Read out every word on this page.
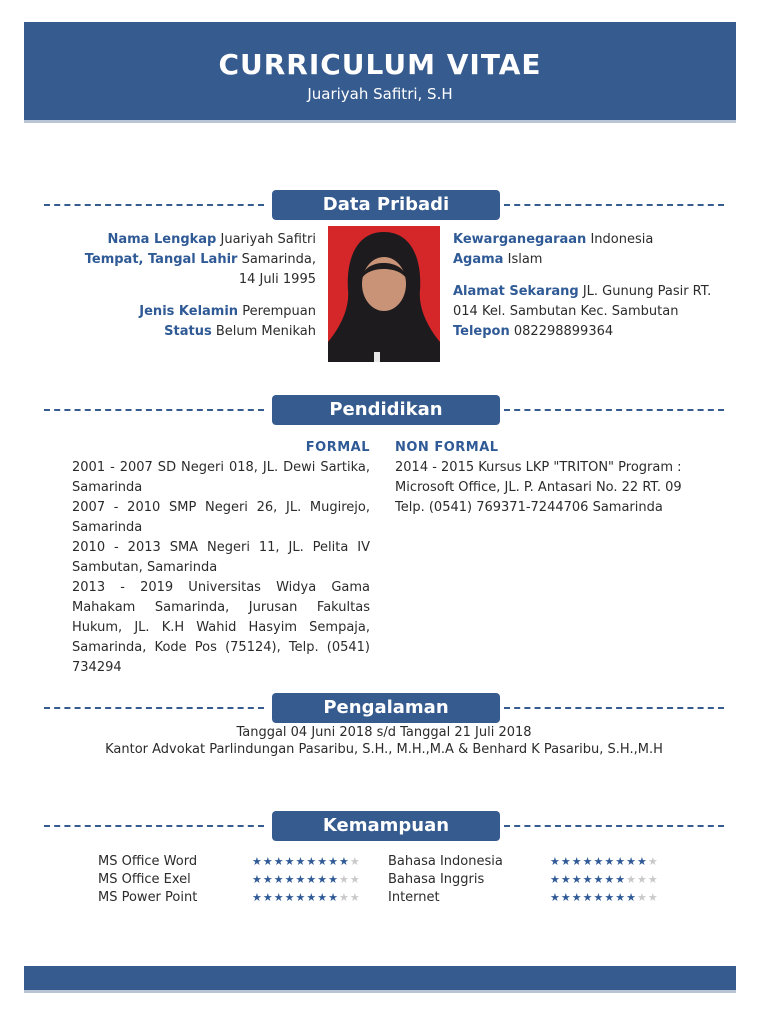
CURRICULUM VITAE
Juariyah Safitri, S.H
Data Pribadi
Nama Lengkap Juariyah Safitri
Tempat, Tangal Lahir Samarinda, 14 Juli 1995
Jenis Kelamin Perempuan
Status Belum Menikah
Kewarganegaraan Indonesia
Agama Islam
Alamat Sekarang JL. Gunung Pasir RT. 014 Kel. Sambutan Kec. Sambutan
Telepon 082298899364
Pendidikan
FORMAL

2001 - 2007 SD Negeri 018, JL. Dewi Sartika, Samarinda

2007 - 2010 SMP Negeri 26, JL. Mugirejo, Samarinda

2010 - 2013 SMA Negeri 11, JL. Pelita IV Sambutan, Samarinda

2013 - 2019 Universitas Widya Gama Mahakam Samarinda, Jurusan Fakultas Hukum, JL. K.H Wahid Hasyim Sempaja, Samarinda, Kode Pos (75124), Telp. (0541) 734294

NON FORMAL

2014 - 2015 Kursus LKP "TRITON" Program : Microsoft Office, JL. P. Antasari No. 22 RT. 09 Telp. (0541) 769371-7244706 Samarinda

Pengalaman
Tanggal 04 Juni 2018 s/d Tanggal 21 Juli 2018
Kantor Advokat Parlindungan Pasaribu, S.H., M.H.,M.A & Benhard K Pasaribu, S.H.,M.H
Kemampuan
MS Office Word
MS Office Exel
MS Power Point
★★★★★★★★★★
★★★★★★★★★★
★★★★★★★★★★
Bahasa Indonesia
Bahasa Inggris
Internet
★★★★★★★★★★
★★★★★★★★★★
★★★★★★★★★★
